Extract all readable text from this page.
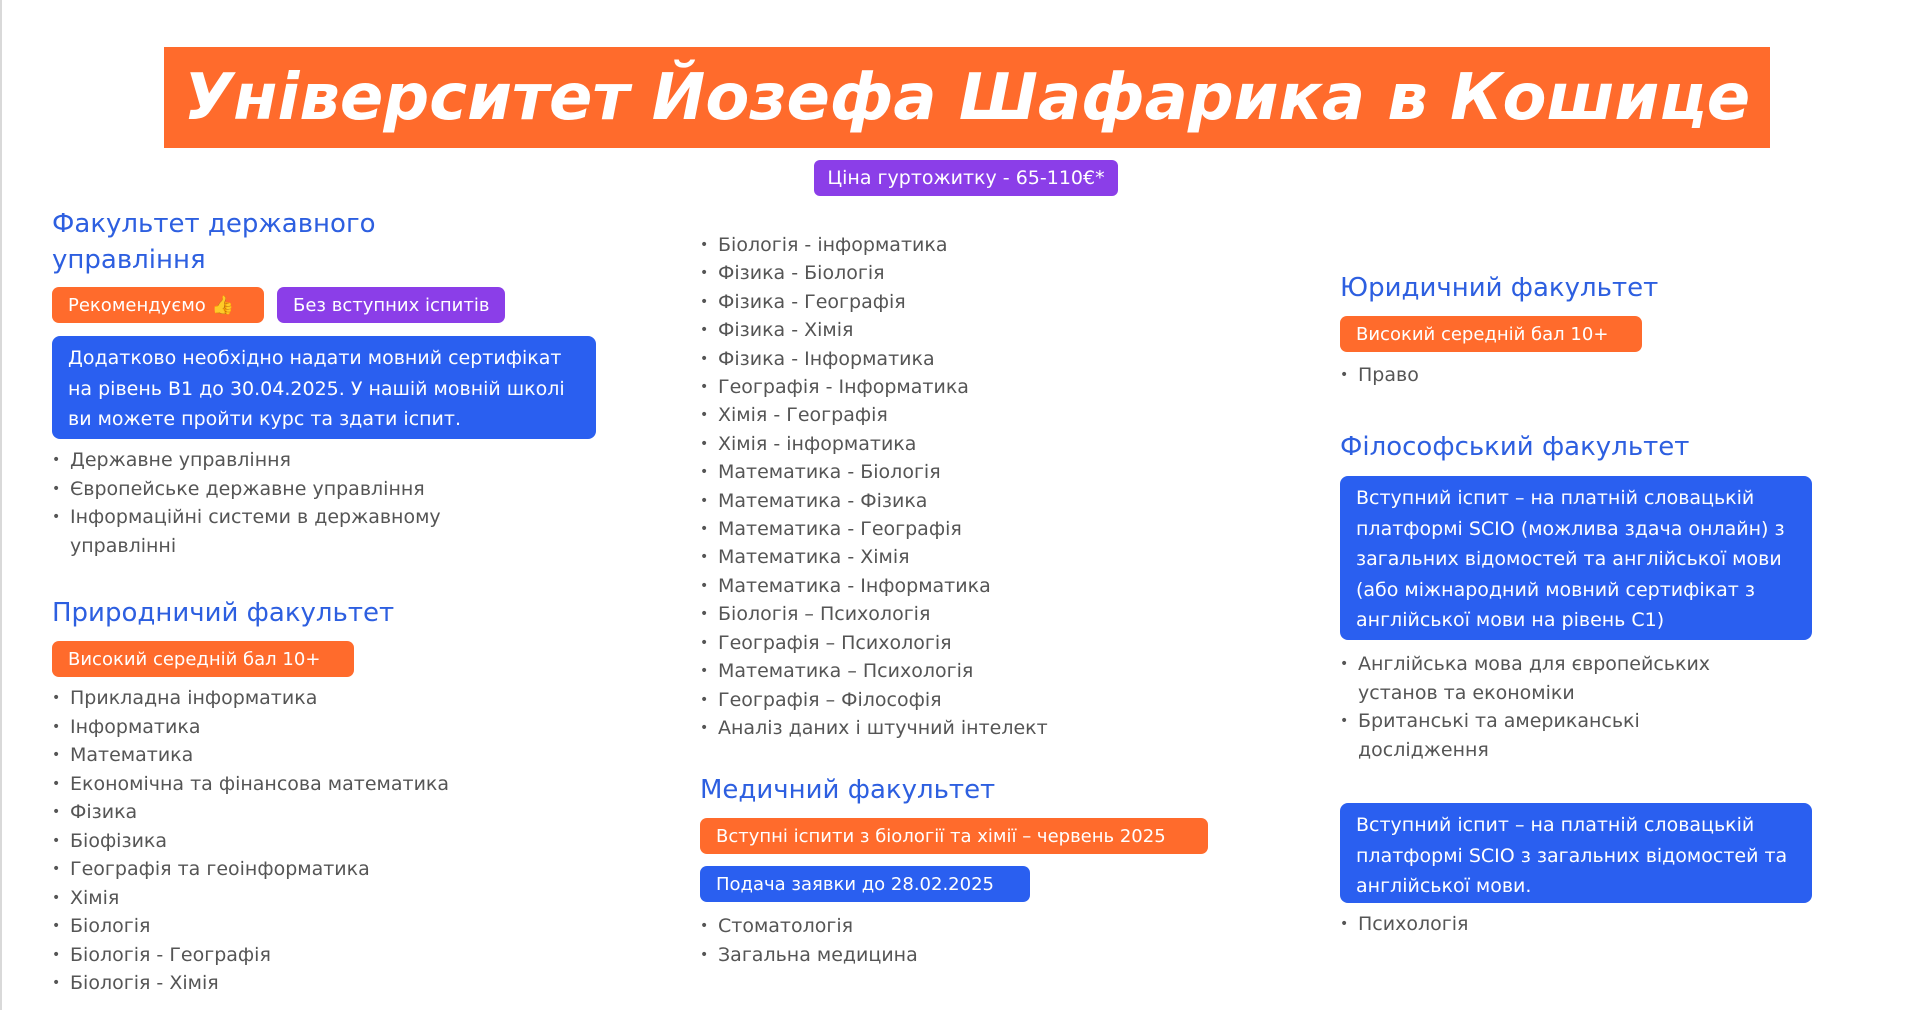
Університет Йозефа Шафарика в Кошице
Ціна гуртожитку - 65-110€*
Факультет державного управління
Рекомендуємо 👍	Без вступних іспитів
Додатково необхідно надати мовний сертифікат на рівень В1 до 30.04.2025. У нашій мовній школі ви можете пройти курс та здати іспит.
• Державне управління
• Європейське державне управління
• Інформаційні системи в державному управлінні
Природничий факультет
Високий середній бал 10+
• Прикладна інформатика
• Інформатика
• Математика
• Економічна та фінансова математика
• Фізика
• Біофізика
• Географія та геоінформатика
• Хімія
• Біологія
• Біологія - Географія
• Біологія - Хімія
• Біологія - інформатика
• Фізика - Біологія
• Фізика - Географія
• Фізика - Хімія
• Фізика - Інформатика
• Географія - Інформатика
• Хімія - Географія
• Хімія - інформатика
• Математика - Біологія
• Математика - Фізика
• Математика - Географія
• Математика - Хімія
• Математика - Інформатика
• Біологія – Психологія
• Географія – Психологія
• Математика – Психологія
• Географія – Філософія
• Аналіз даних і штучний інтелект
Медичний факультет
Вступні іспити з біології та хімії – червень 2025
Подача заявки до 28.02.2025
• Стоматологія
• Загальна медицина
Юридичний факультет
Високий середній бал 10+
• Право
Філософський факультет
Вступний іспит – на платній словацькій платформі SCIO (можлива здача онлайн) з загальних відомостей та англійської мови (або міжнародний мовний сертифікат з англійської мови на рівень С1)
• Англійська мова для європейських установ та економіки
• Британські та американські дослідження
Вступний іспит – на платній словацькій платформі SCIO з загальних відомостей та англійської мови.
• Психологія
